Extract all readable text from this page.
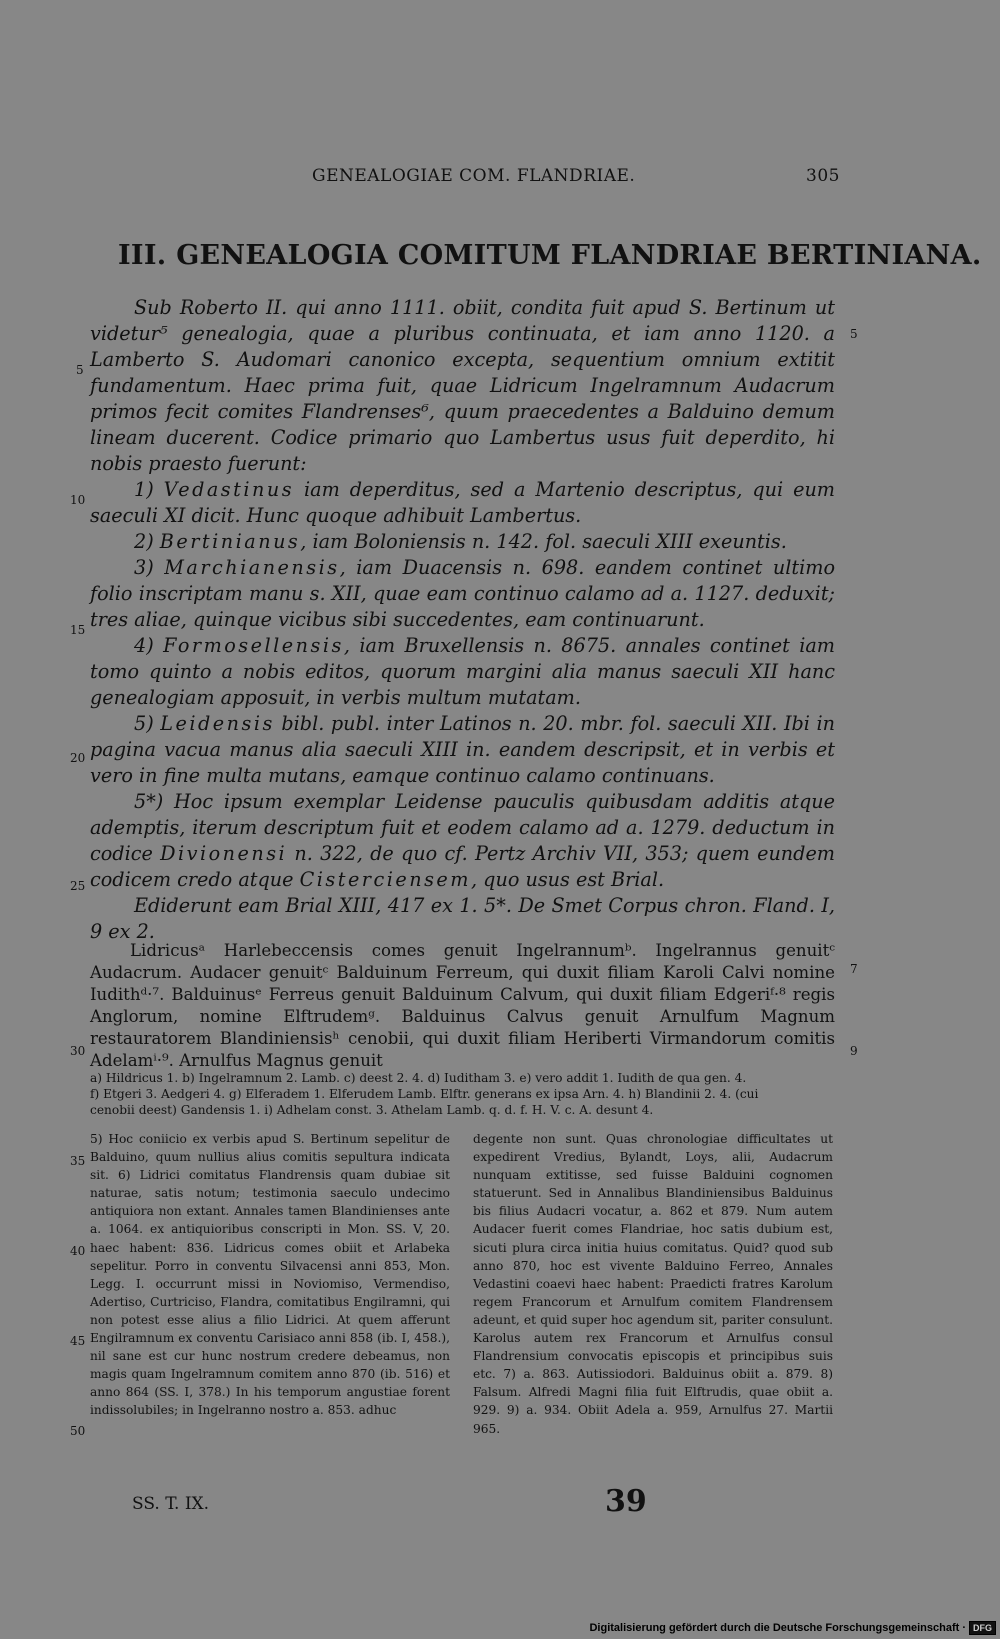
GENEALOGIAE COM. FLANDRIAE.	305
III. GENEALOGIA COMITUM FLANDRIAE BERTINIANA.
5
10
15
20
25
5

Sub Roberto II. qui anno 1111. obiit, condita fuit apud S. Bertinum ut videtur⁵ genealogia, quae a pluribus continuata, et iam anno 1120. a Lamberto S. Audomari canonico excepta, sequentium omnium extitit fundamentum. Haec prima fuit, quae Lidricum Ingelramnum Audacrum primos fecit comites Flandrenses⁶, quum praecedentes a Balduino demum lineam ducerent. Codice primario quo Lambertus usus fuit deperdito, hi nobis praesto fuerunt:

1) Vedastinus iam deperditus, sed a Martenio descriptus, qui eum saeculi XI dicit. Hunc quoque adhibuit Lambertus.

2) Bertinianus, iam Boloniensis n. 142. fol. saeculi XIII exeuntis.

3) Marchianensis, iam Duacensis n. 698. eandem continet ultimo folio inscriptam manu s. XII, quae eam continuo calamo ad a. 1127. deduxit; tres aliae, quinque vicibus sibi succedentes, eam continuarunt.

4) Formosellensis, iam Bruxellensis n. 8675. annales continet iam tomo quinto a nobis editos, quorum margini alia manus saeculi XII hanc genealogiam apposuit, in verbis multum mutatam.

5) Leidensis bibl. publ. inter Latinos n. 20. mbr. fol. saeculi XII. Ibi in pagina vacua manus alia saeculi XIII in. eandem descripsit, et in verbis et vero in fine multa mutans, eamque continuo calamo continuans.

5*) Hoc ipsum exemplar Leidense pauculis quibusdam additis atque ademptis, iterum descriptum fuit et eodem calamo ad a. 1279. deductum in codice Divionensi n. 322, de quo cf. Pertz Archiv VII, 353; quem eundem codicem credo atque Cisterciensem, quo usus est Brial.

Ediderunt eam Brial XIII, 417 ex 1. 5*. De Smet Corpus chron. Fland. I, 9 ex 2.

30
7
9
Lidricusᵃ Harlebeccensis comes genuit Ingelrannumᵇ. Ingelrannus genuitᶜ Audacrum. Audacer genuitᶜ Balduinum Ferreum, qui duxit filiam Karoli Calvi nomine Iudithᵈ·⁷. Balduinusᵉ Ferreus genuit Balduinum Calvum, qui duxit filiam Edgeriᶠ·⁸ regis Anglorum, nomine Elftrudemᵍ. Balduinus Calvus genuit Arnulfum Magnum restauratorem Blandiniensisʰ cenobii, qui duxit filiam Heriberti Virmandorum comitis Adelamⁱ·⁹. Arnulfus Magnus genuit
a) Hildricus 1. b) Ingelramnum 2. Lamb. c) deest 2. 4. d) Iuditham 3. e) vero addit 1. Iudith de qua gen. 4.
f) Etgeri 3. Aedgeri 4. g) Elferadem 1. Elferudem Lamb. Elftr. generans ex ipsa Arn. 4. h) Blandinii 2. 4. (cui
cenobii deest) Gandensis 1. i) Adhelam const. 3. Athelam Lamb. q. d. f. H. V. c. A. desunt 4.
35
40
45
50
5) Hoc coniicio ex verbis apud S. Bertinum sepelitur de Balduino, quum nullius alius comitis sepultura indicata sit. 6) Lidrici comitatus Flandrensis quam dubiae sit naturae, satis notum; testimonia saeculo undecimo antiquiora non extant. Annales tamen Blandinienses ante a. 1064. ex antiquioribus conscripti in Mon. SS. V, 20. haec habent: 836. Lidricus comes obiit et Arlabeka sepelitur. Porro in conventu Silvacensi anni 853, Mon. Legg. I. occurrunt missi in Noviomiso, Vermendiso, Adertiso, Curtriciso, Flandra, comitatibus Engilramni, qui non potest esse alius a filio Lidrici. At quem afferunt Engilramnum ex conventu Carisiaco anni 858 (ib. I, 458.), nil sane est cur hunc nostrum credere debeamus, non magis quam Ingelramnum comitem anno 870 (ib. 516) et anno 864 (SS. I, 378.) In his temporum angustiae forent indissolubiles; in Ingelranno nostro a. 853. adhuc
degente non sunt. Quas chronologiae difficultates ut expedirent Vredius, Bylandt, Loys, alii, Audacrum nunquam extitisse, sed fuisse Balduini cognomen statuerunt. Sed in Annalibus Blandiniensibus Balduinus bis filius Audacri vocatur, a. 862 et 879. Num autem Audacer fuerit comes Flandriae, hoc satis dubium est, sicuti plura circa initia huius comitatus. Quid? quod sub anno 870, hoc est vivente Balduino Ferreo, Annales Vedastini coaevi haec habent: Praedicti fratres Karolum regem Francorum et Arnulfum comitem Flandrensem adeunt, et quid super hoc agendum sit, pariter consulunt. Karolus autem rex Francorum et Arnulfus consul Flandrensium convocatis episcopis et principibus suis etc. 7) a. 863. Autissiodori. Balduinus obiit a. 879. 8) Falsum. Alfredi Magni filia fuit Elftrudis, quae obiit a. 929. 9) a. 934. Obiit Adela a. 959, Arnulfus 27. Martii 965.
SS. T. IX.	39
Digitalisierung gefördert durch die Deutsche Forschungsgemeinschaft · DFG
